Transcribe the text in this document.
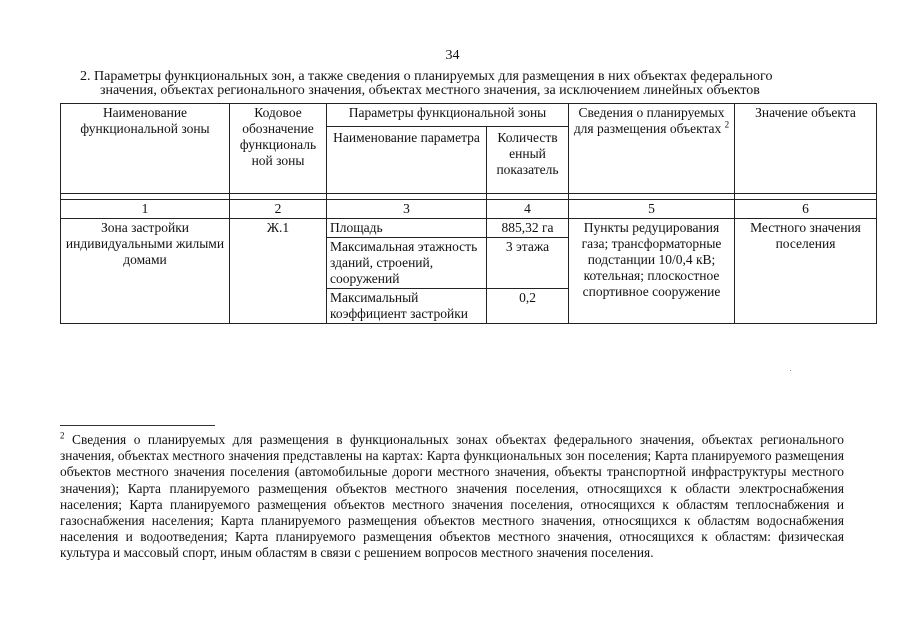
34
2. Параметры функциональных зон, а также сведения о планируемых для размещения в них объектах федерального
значения, объектах регионального значения, объектах местного значения, за исключением линейных объектов
Наименование функциональной зоны	Кодовое обозначение функциональ ной зоны	Параметры функциональной зоны		Сведения о планируемых для размещения объектах $^2$	Значение объекта
		Наименование параметра	Количеств енный показатель		

1	2	3	4	5	6
Зона застройки индивидуальными жилыми домами	Ж.1	Площадь	885,32 га	Пункты редуцирования газа; трансформаторные подстанции 10/0,4 кВ; котельная; плоскостное спортивное сооружение	Местного значения поселения
		Максимальная этажность зданий, строений, сооружений	3 этажа		
		Максимальный коэффициент застройки	0,2		
$^2$ Сведения о планируемых для размещения в функциональных зонах объектах федерального значения, объектах регионального значения, объектах местного значения представлены на картах: Карта функциональных зон поселения; Карта планируемого размещения объектов местного значения поселения (автомобильные дороги местного значения, объекты транспортной инфраструктуры местного значения); Карта планируемого размещения объектов местного значения поселения, относящихся к области электроснабжения населения; Карта планируемого размещения объектов местного значения поселения, относящихся к областям теплоснабжения и газоснабжения населения; Карта планируемого размещения объектов местного значения, относящихся к областям водоснабжения населения и водоотведения; Карта планируемого размещения объектов местного значения, относящихся к областям: физическая культура и массовый спорт, иным областям в связи с решением вопросов местного значения поселения.
